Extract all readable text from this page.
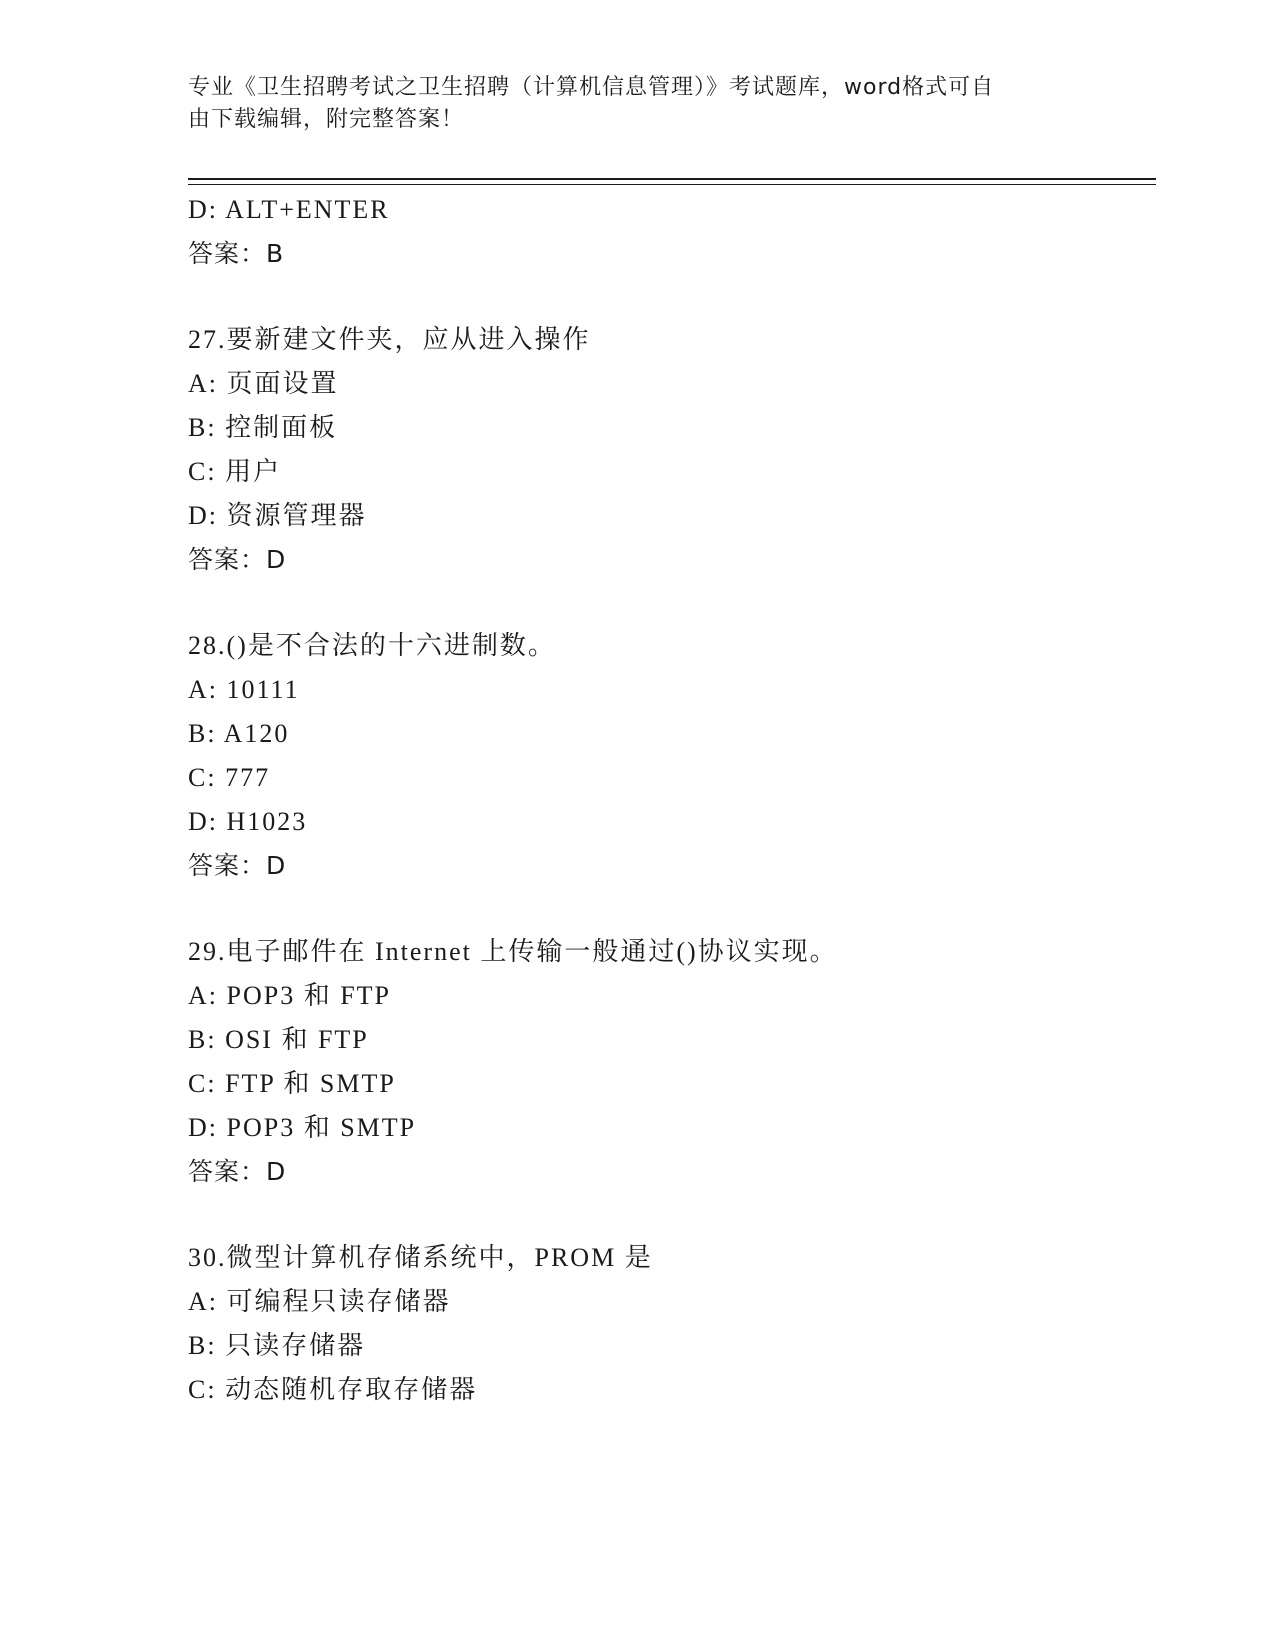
专业《卫生招聘考试之卫生招聘（计算机信息管理）》考试题库，word格式可自
由下载编辑，附完整答案！
D: ALT+ENTER
答案：B
27.要新建文件夹，应从进入操作
A: 页面设置
B: 控制面板
C: 用户
D: 资源管理器
答案：D
28.()是不合法的十六进制数。
A: 10111
B: A120
C: 777
D: H1023
答案：D
29.电子邮件在 Internet 上传输一般通过()协议实现。
A: POP3 和 FTP
B: OSI 和 FTP
C: FTP 和 SMTP
D: POP3 和 SMTP
答案：D
30.微型计算机存储系统中，PROM 是
A: 可编程只读存储器
B: 只读存储器
C: 动态随机存取存储器
